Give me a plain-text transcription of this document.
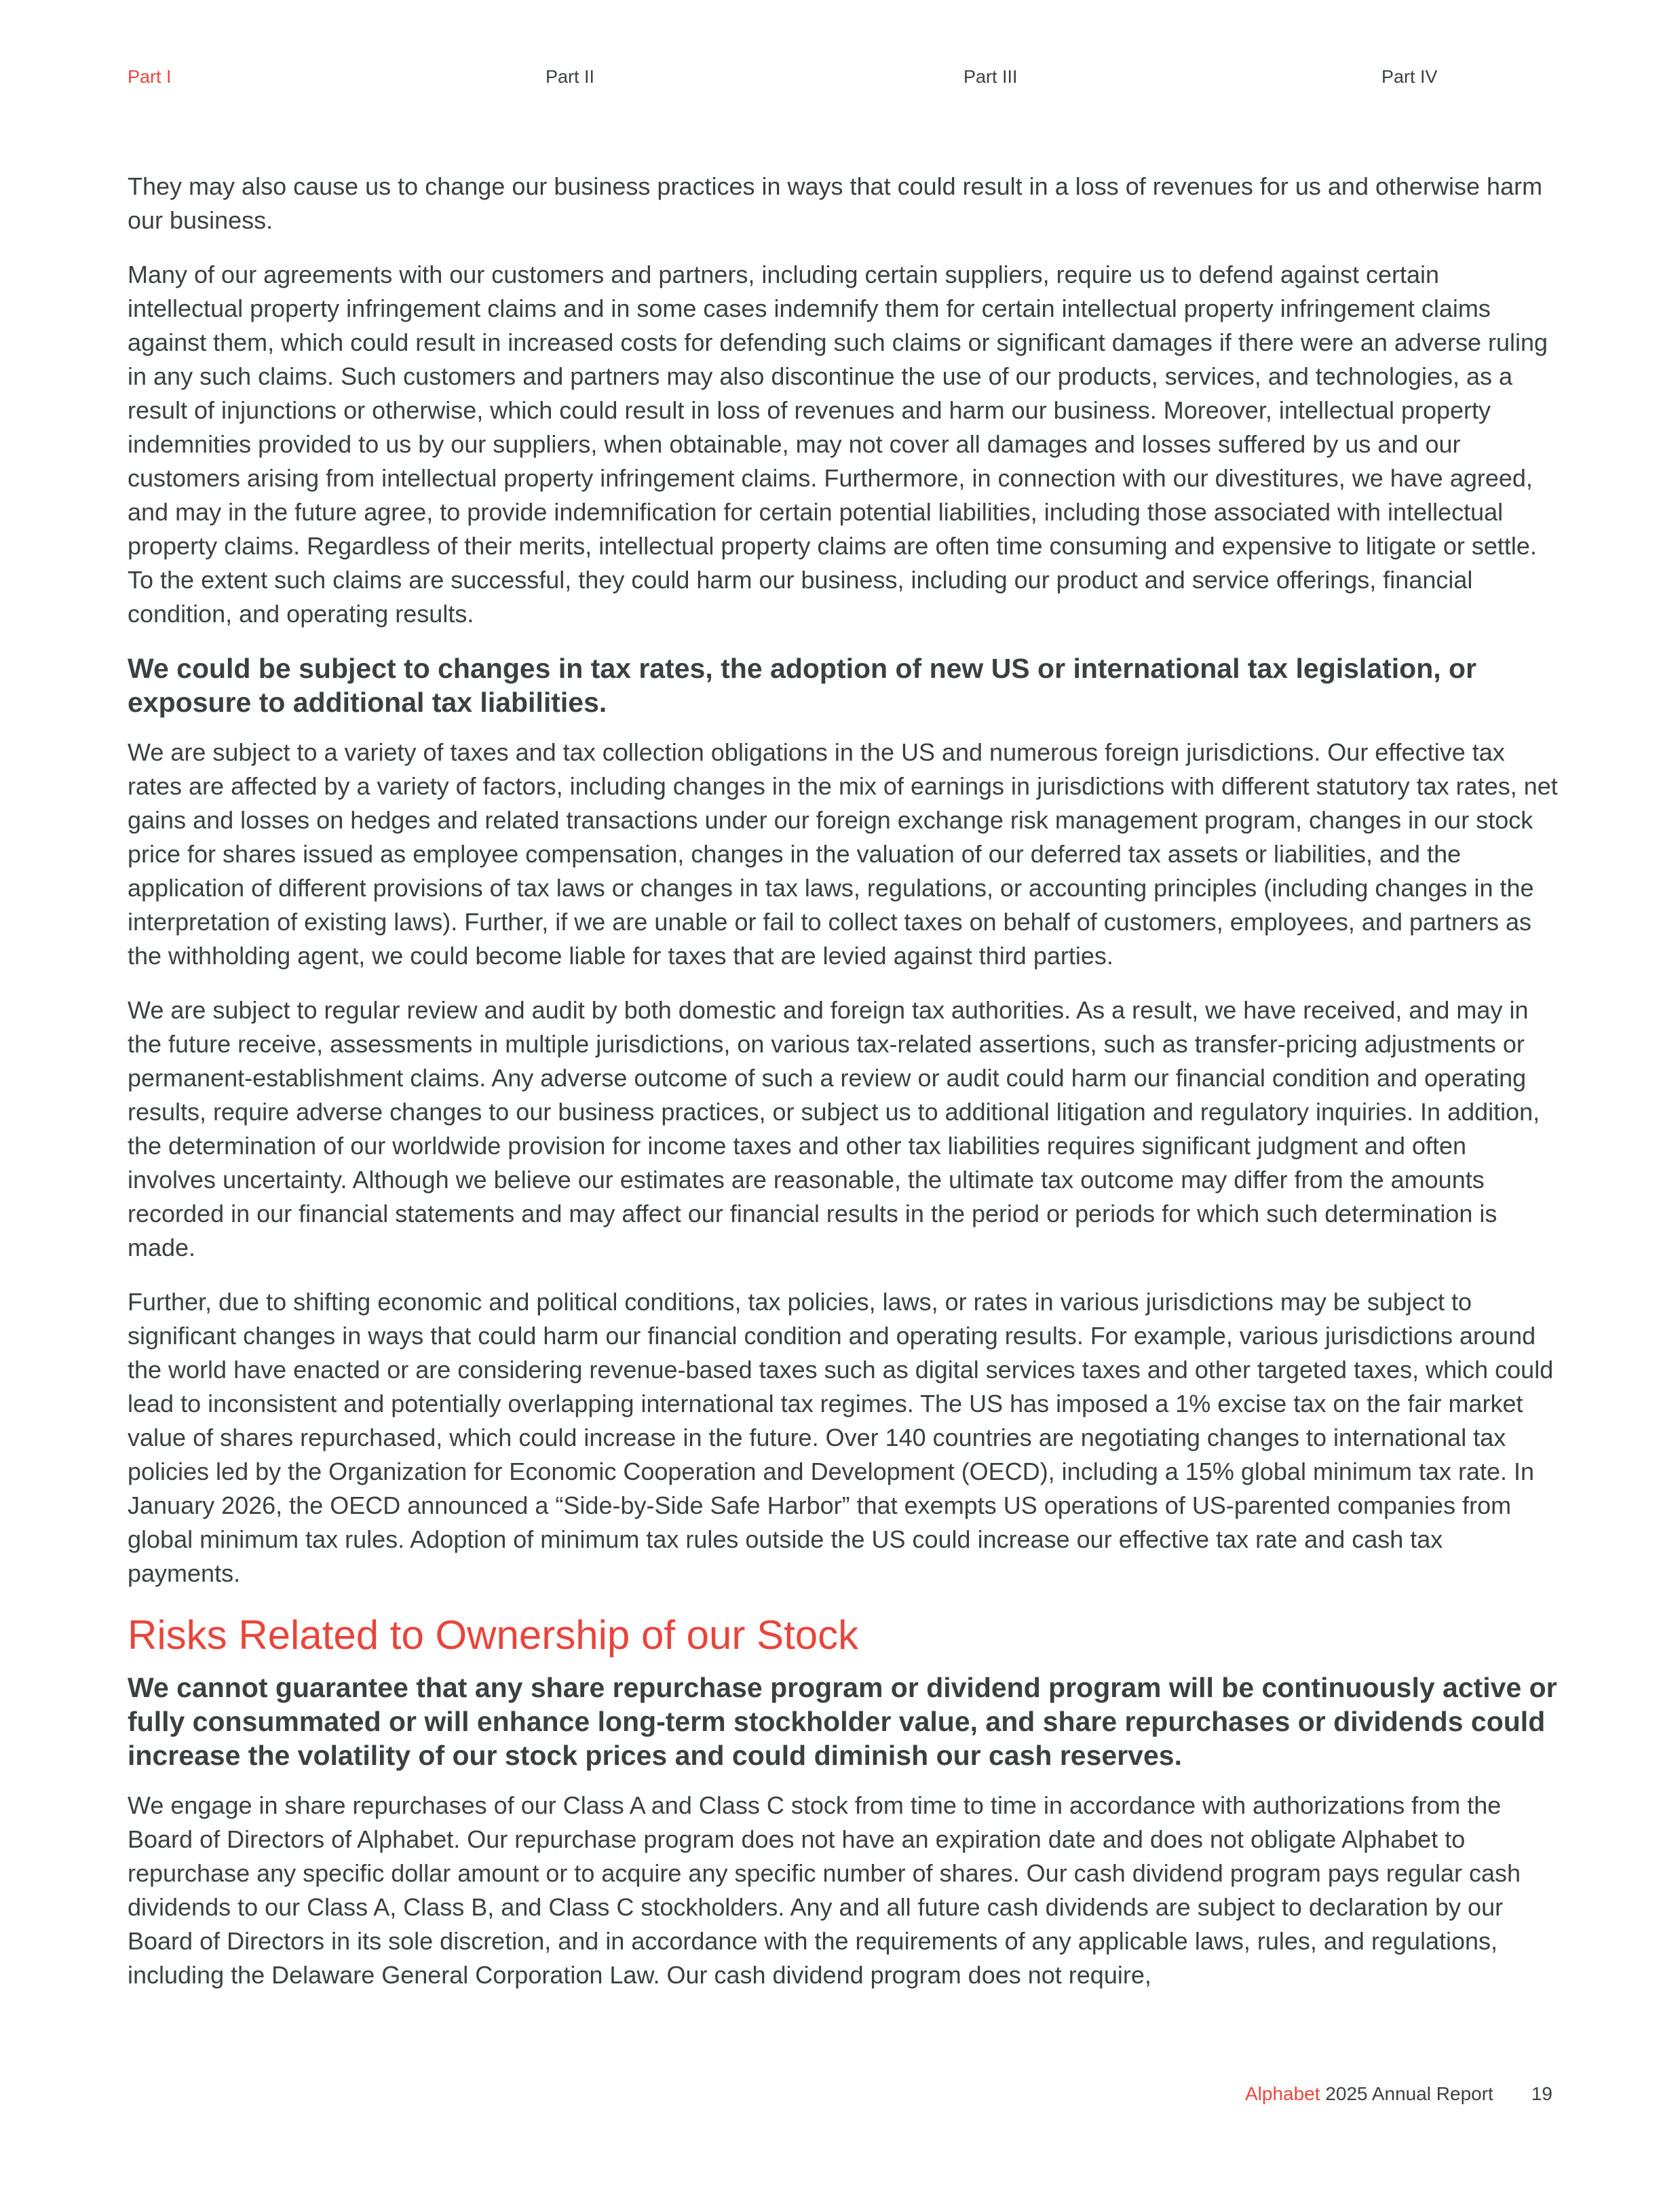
Part I	Part II	Part III	Part IV

They may also cause us to change our business practices in ways that could result in a loss of revenues for us and otherwise harm our business.

Many of our agreements with our customers and partners, including certain suppliers, require us to defend against certain intellectual property infringement claims and in some cases indemnify them for certain intellectual property infringement claims against them, which could result in increased costs for defending such claims or significant damages if there were an adverse ruling in any such claims. Such customers and partners may also discontinue the use of our products, services, and technologies, as a result of injunctions or otherwise, which could result in loss of revenues and harm our business. Moreover, intellectual property indemnities provided to us by our suppliers, when obtainable, may not cover all damages and losses suffered by us and our customers arising from intellectual property infringement claims. Furthermore, in connection with our divestitures, we have agreed, and may in the future agree, to provide indemnification for certain potential liabilities, including those associated with intellectual property claims. Regardless of their merits, intellectual property claims are often time consuming and expensive to litigate or settle. To the extent such claims are successful, they could harm our business, including our product and service offerings, financial condition, and operating results.

We could be subject to changes in tax rates, the adoption of new US or international tax legislation, or exposure to additional tax liabilities.

We are subject to a variety of taxes and tax collection obligations in the US and numerous foreign jurisdictions. Our effective tax rates are affected by a variety of factors, including changes in the mix of earnings in jurisdictions with different statutory tax rates, net gains and losses on hedges and related transactions under our foreign exchange risk management program, changes in our stock price for shares issued as employee compensation, changes in the valuation of our deferred tax assets or liabilities, and the application of different provisions of tax laws or changes in tax laws, regulations, or accounting principles (including changes in the interpretation of existing laws). Further, if we are unable or fail to collect taxes on behalf of customers, employees, and partners as the withholding agent, we could become liable for taxes that are levied against third parties.

We are subject to regular review and audit by both domestic and foreign tax authorities. As a result, we have received, and may in the future receive, assessments in multiple jurisdictions, on various tax-related assertions, such as transfer-pricing adjustments or permanent-establishment claims. Any adverse outcome of such a review or audit could harm our financial condition and operating results, require adverse changes to our business practices, or subject us to additional litigation and regulatory inquiries. In addition, the determination of our worldwide provision for income taxes and other tax liabilities requires significant judgment and often involves uncertainty. Although we believe our estimates are reasonable, the ultimate tax outcome may differ from the amounts recorded in our financial statements and may affect our financial results in the period or periods for which such determination is made.

Further, due to shifting economic and political conditions, tax policies, laws, or rates in various jurisdictions may be subject to significant changes in ways that could harm our financial condition and operating results. For example, various jurisdictions around the world have enacted or are considering revenue-based taxes such as digital services taxes and other targeted taxes, which could lead to inconsistent and potentially overlapping international tax regimes. The US has imposed a 1% excise tax on the fair market value of shares repurchased, which could increase in the future. Over 140 countries are negotiating changes to international tax policies led by the Organization for Economic Cooperation and Development (OECD), including a 15% global minimum tax rate. In January 2026, the OECD announced a “Side-by-Side Safe Harbor” that exempts US operations of US-parented companies from global minimum tax rules. Adoption of minimum tax rules outside the US could increase our effective tax rate and cash tax payments.

Risks Related to Ownership of our Stock
We cannot guarantee that any share repurchase program or dividend program will be continuously active or fully consummated or will enhance long-term stockholder value, and share repurchases or dividends could increase the volatility of our stock prices and could diminish our cash reserves.

We engage in share repurchases of our Class A and Class C stock from time to time in accordance with authorizations from the Board of Directors of Alphabet. Our repurchase program does not have an expiration date and does not obligate Alphabet to repurchase any specific dollar amount or to acquire any specific number of shares. Our cash dividend program pays regular cash dividends to our Class A, Class B, and Class C stockholders. Any and all future cash dividends are subject to declaration by our Board of Directors in its sole discretion, and in accordance with the requirements of any applicable laws, rules, and regulations, including the Delaware General Corporation Law. Our cash dividend program does not require,

Alphabet 2025 Annual Report 19
